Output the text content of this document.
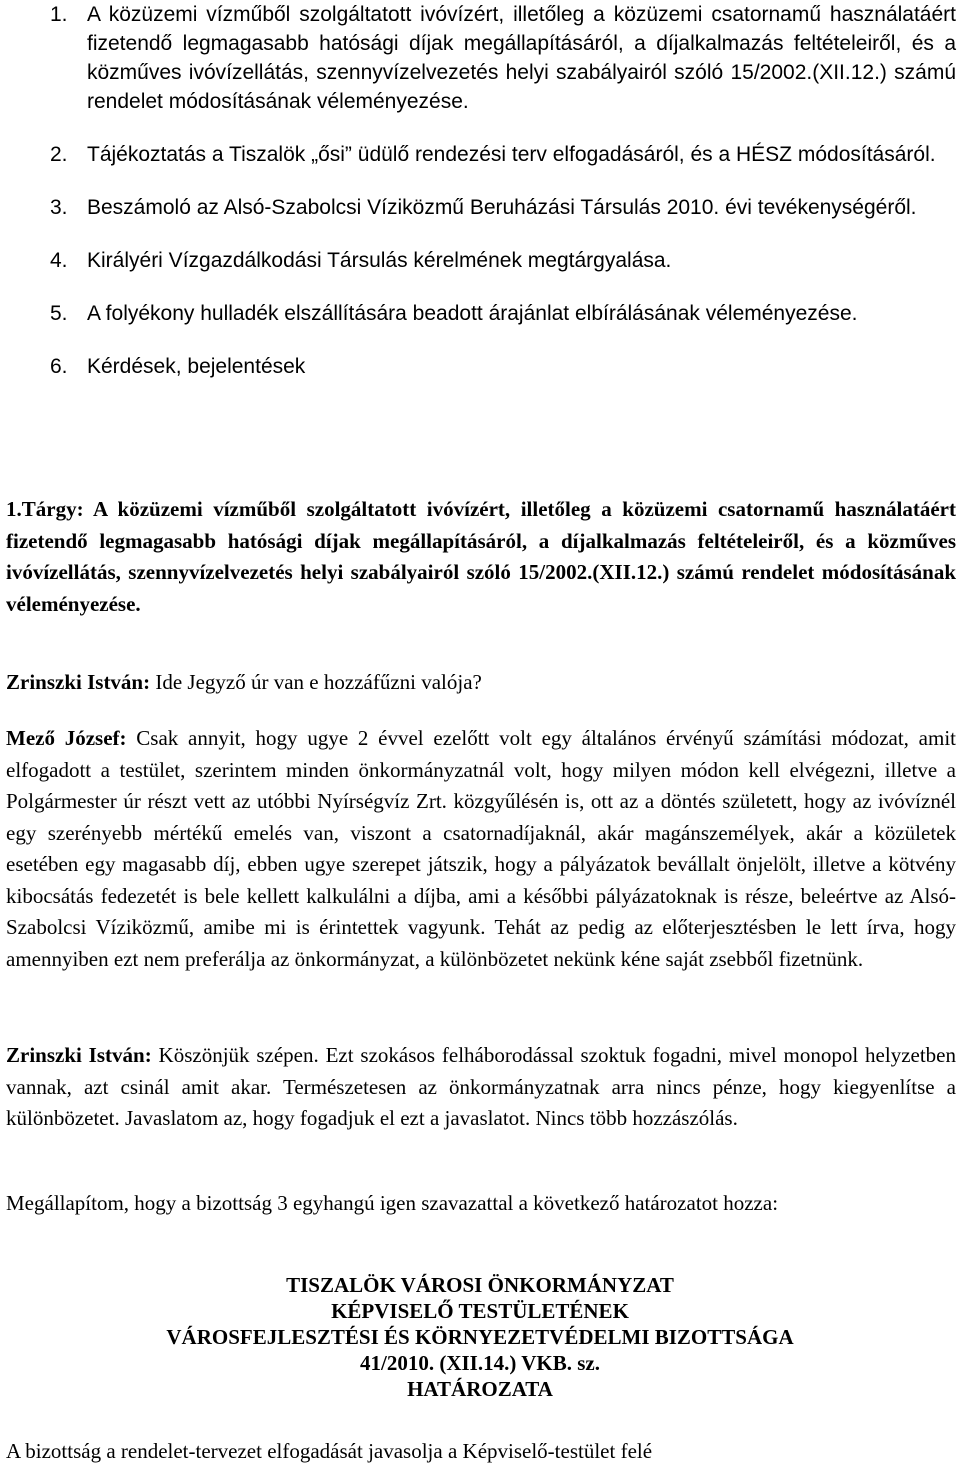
1. A közüzemi vízműből szolgáltatott ivóvízért, illetőleg a közüzemi csatornamű használatáért fizetendő legmagasabb hatósági díjak megállapításáról, a díjalkalmazás feltételeiről, és a közműves ivóvízellátás, szennyvízelvezetés helyi szabályairól szóló 15/2002.(XII.12.) számú rendelet módosításának véleményezése.
2. Tájékoztatás a Tiszalök „ősi” üdülő rendezési terv elfogadásáról, és a HÉSZ módosításáról.
3. Beszámoló az Alsó-Szabolcsi Víziközmű Beruházási Társulás 2010. évi tevékenységéről.
4. Királyéri Vízgazdálkodási Társulás kérelmének megtárgyalása.
5. A folyékony hulladék elszállítására beadott árajánlat elbírálásának véleményezése.
6. Kérdések, bejelentések

1.Tárgy: A közüzemi vízműből szolgáltatott ivóvízért, illetőleg a közüzemi csatornamű használatáért fizetendő legmagasabb hatósági díjak megállapításáról, a díjalkalmazás feltételeiről, és a közműves ivóvízellátás, szennyvízelvezetés helyi szabályairól szóló 15/2002.(XII.12.) számú rendelet módosításának véleményezése.

Zrinszki István: Ide Jegyző úr van e hozzáfűzni valója?

Mező József: Csak annyit, hogy ugye 2 évvel ezelőtt volt egy általános érvényű számítási módozat, amit elfogadott a testület, szerintem minden önkormányzatnál volt, hogy milyen módon kell elvégezni, illetve a Polgármester úr részt vett az utóbbi Nyírségvíz Zrt. közgyűlésén is, ott az a döntés született, hogy az ivóvíznél egy szerényebb mértékű emelés van, viszont a csatornadíjaknál, akár magánszemélyek, akár a közületek esetében egy magasabb díj, ebben ugye szerepet játszik, hogy a pályázatok bevállalt önjelölt, illetve a kötvény kibocsátás fedezetét is bele kellett kalkulálni a díjba, ami a későbbi pályázatoknak is része, beleértve az Alsó-Szabolcsi Víziközmű, amibe mi is érintettek vagyunk. Tehát az pedig az előterjesztésben le lett írva, hogy amennyiben ezt nem preferálja az önkormányzat, a különbözetet nekünk kéne saját zsebből fizetnünk.

Zrinszki István: Köszönjük szépen. Ezt szokásos felháborodással szoktuk fogadni, mivel monopol helyzetben vannak, azt csinál amit akar. Természetesen az önkormányzatnak arra nincs pénze, hogy kiegyenlítse a különbözetet. Javaslatom az, hogy fogadjuk el ezt a javaslatot. Nincs több hozzászólás.

Megállapítom, hogy a bizottság 3 egyhangú igen szavazattal a következő határozatot hozza:

TISZALÖK VÁROSI ÖNKORMÁNYZAT
KÉPVISELŐ TESTÜLETÉNEK
VÁROSFEJLESZTÉSI ÉS KÖRNYEZETVÉDELMI BIZOTTSÁGA
41/2010. (XII.14.) VKB. sz.
HATÁROZATA

A bizottság a rendelet-tervezet elfogadását javasolja a Képviselő-testület felé
